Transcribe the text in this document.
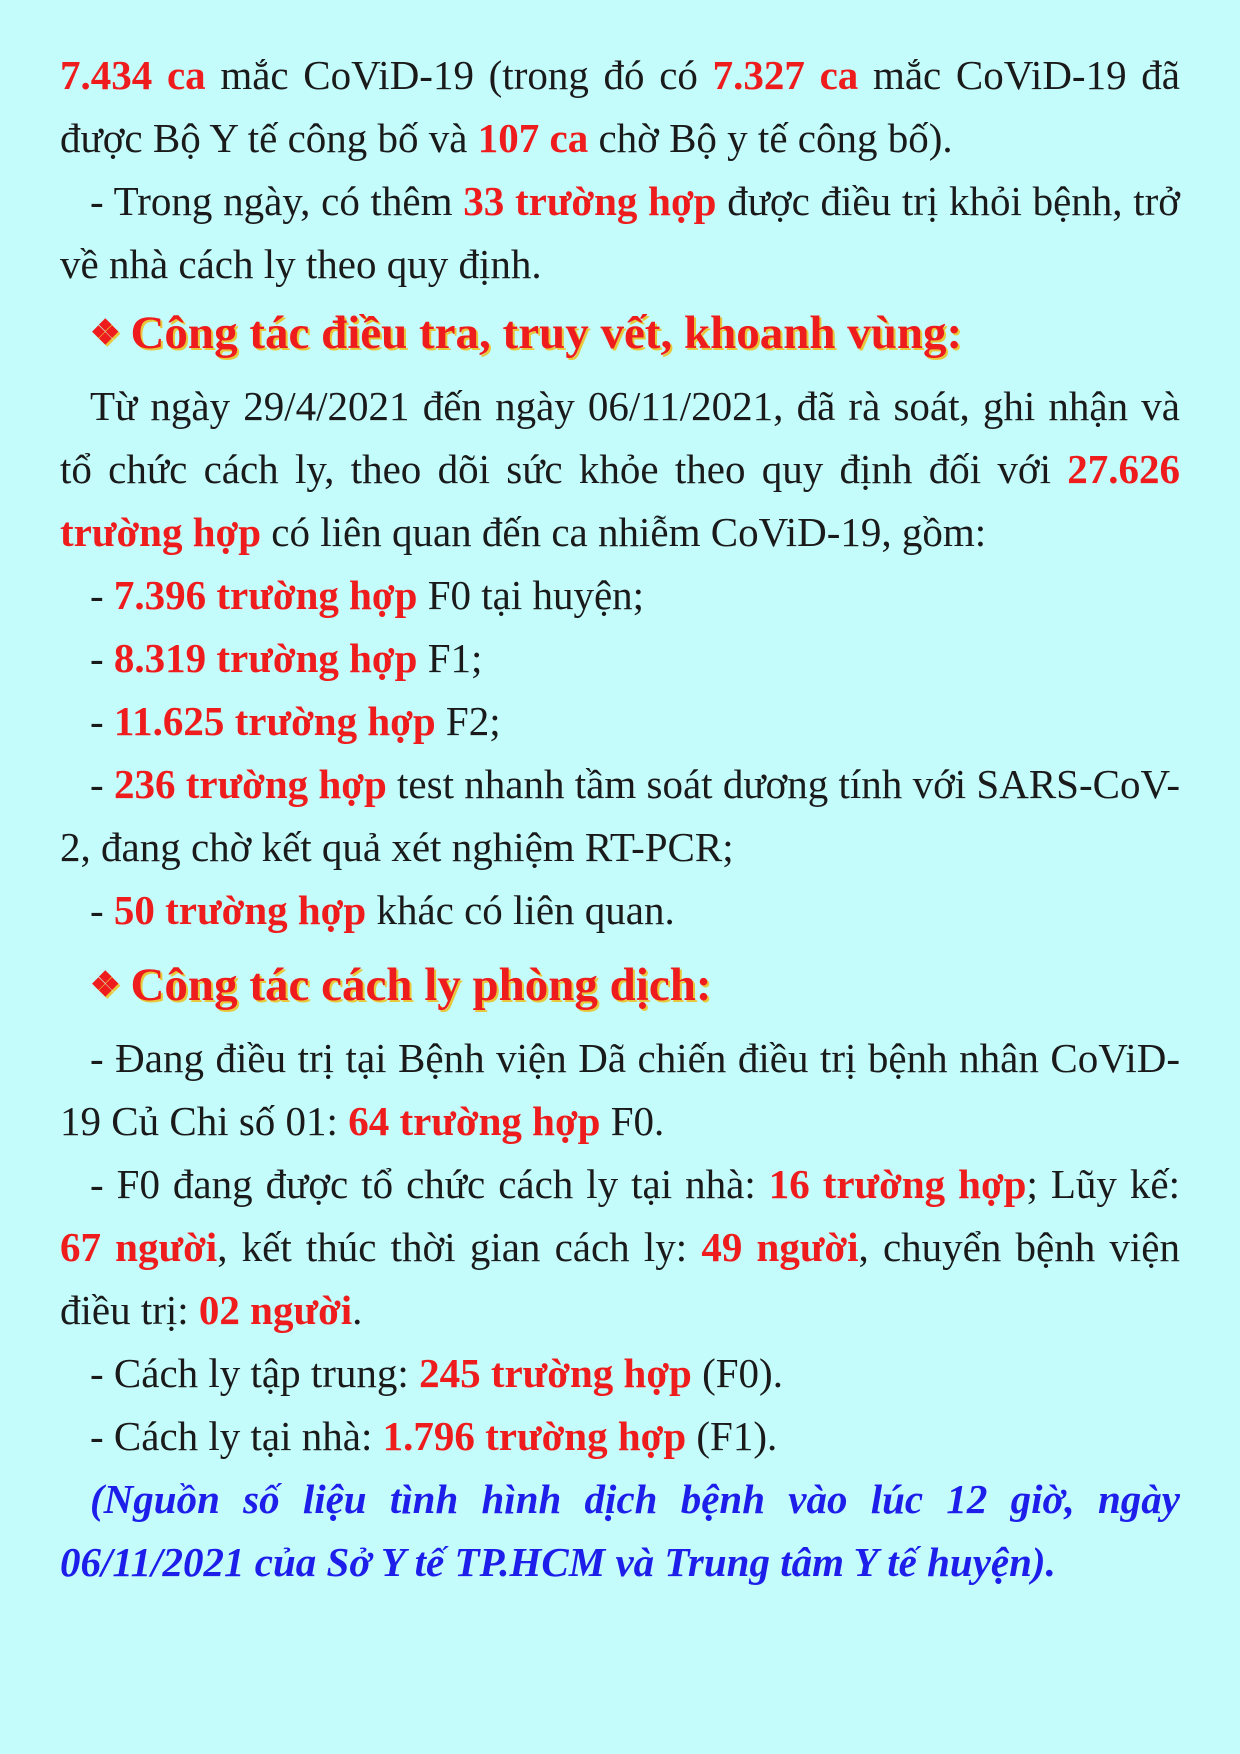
7.434 ca mắc CoViD-19 (trong đó có 7.327 ca mắc CoViD-19 đã được Bộ Y tế công bố và 107 ca chờ Bộ y tế công bố).

- Trong ngày, có thêm 33 trường hợp được điều trị khỏi bệnh, trở về nhà cách ly theo quy định.

❖ Công tác điều tra, truy vết, khoanh vùng:

Từ ngày 29/4/2021 đến ngày 06/11/2021, đã rà soát, ghi nhận và tổ chức cách ly, theo dõi sức khỏe theo quy định đối với 27.626 trường hợp có liên quan đến ca nhiễm CoViD-19, gồm:

- 7.396 trường hợp F0 tại huyện;

- 8.319 trường hợp F1;

- 11.625 trường hợp F2;

- 236 trường hợp test nhanh tầm soát dương tính với SARS-CoV-2, đang chờ kết quả xét nghiệm RT-PCR;

- 50 trường hợp khác có liên quan.

❖ Công tác cách ly phòng dịch:

- Đang điều trị tại Bệnh viện Dã chiến điều trị bệnh nhân CoViD-19 Củ Chi số 01: 64 trường hợp F0.

- F0 đang được tổ chức cách ly tại nhà: 16 trường hợp; Lũy kế: 67 người, kết thúc thời gian cách ly: 49 người, chuyển bệnh viện điều trị: 02 người.

- Cách ly tập trung: 245 trường hợp (F0).

- Cách ly tại nhà: 1.796 trường hợp (F1).

(Nguồn số liệu tình hình dịch bệnh vào lúc 12 giờ, ngày 06/11/2021 của Sở Y tế TP.HCM và Trung tâm Y tế huyện).
